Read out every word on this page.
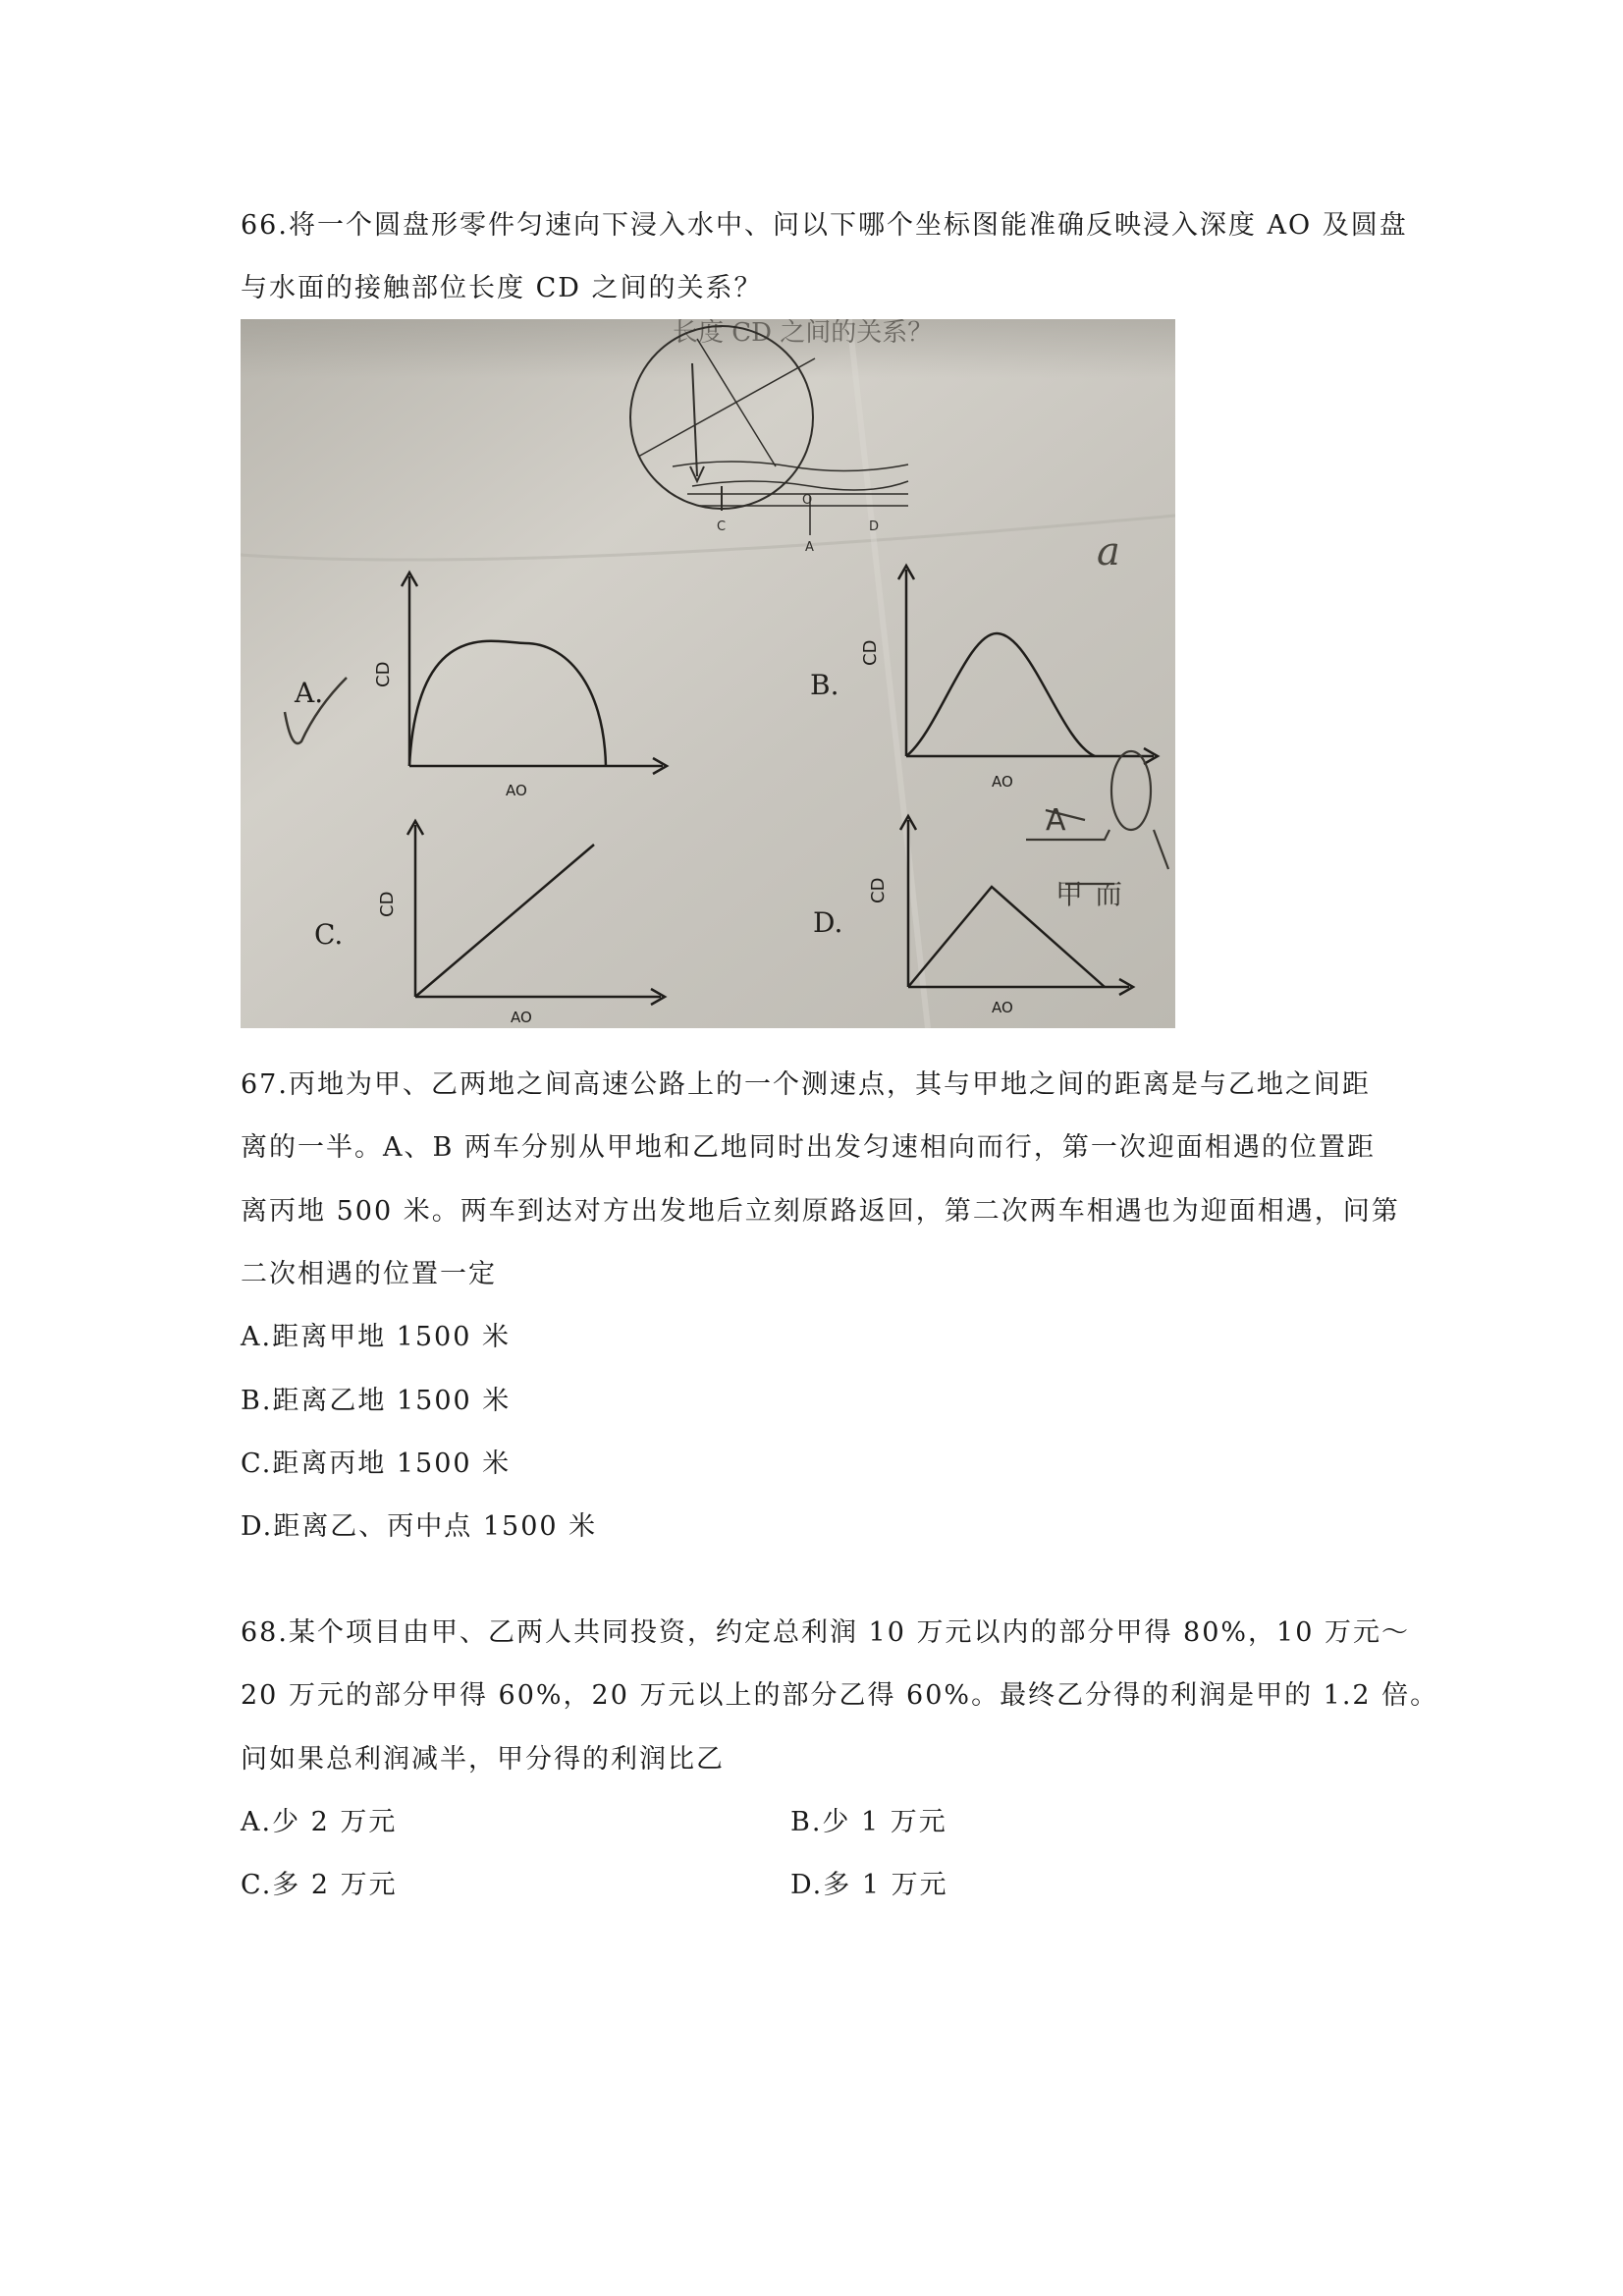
66.将一个圆盘形零件匀速向下浸入水中、问以下哪个坐标图能准确反映浸入深度 AO 及圆盘
与水面的接触部位长度 CD 之间的关系？
长度 CD 之间的关系？
C
O
A
D
a
CD
AO
A.
CD
AO
B.
A
甲 而
CD
AO
C.
CD
AO
D.
67.丙地为甲、乙两地之间高速公路上的一个测速点，其与甲地之间的距离是与乙地之间距
离的一半。A、B 两车分别从甲地和乙地同时出发匀速相向而行，第一次迎面相遇的位置距
离丙地 500 米。两车到达对方出发地后立刻原路返回，第二次两车相遇也为迎面相遇，问第
二次相遇的位置一定
A.距离甲地 1500 米
B.距离乙地 1500 米
C.距离丙地 1500 米
D.距离乙、丙中点 1500 米
68.某个项目由甲、乙两人共同投资，约定总利润 10 万元以内的部分甲得 80%，10 万元～
20 万元的部分甲得 60%，20 万元以上的部分乙得 60%。最终乙分得的利润是甲的 1.2 倍。
问如果总利润减半，甲分得的利润比乙
A.少 2 万元	B.少 1 万元
C.多 2 万元	D.多 1 万元
